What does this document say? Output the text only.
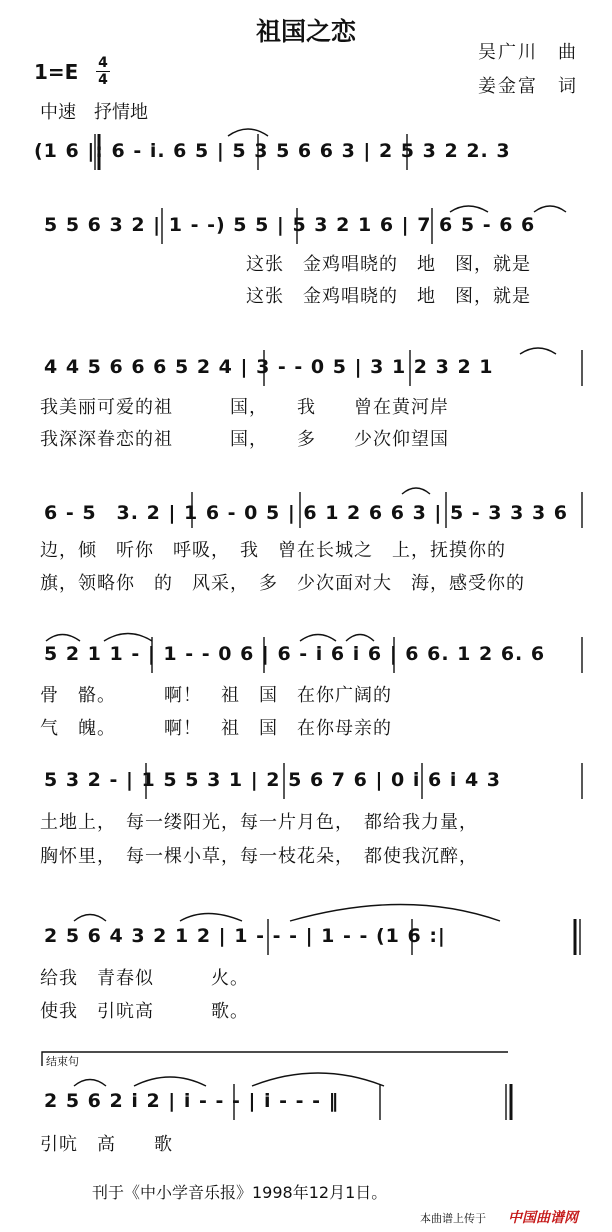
祖国之恋
吴广川　曲
姜金富　词
1=E 4
4
中速　抒情地
(1 6 |: 6 - i. 6 5 | 5 3 5 6 6 3 | 2 5 3 2 2. 3
5 5 6 3 2 | 1 - -) 5 5 | 5 3 2 1 6 | 7 6 5 - 6 6
这张　金鸡唱晓的　地　图，就是
这张　金鸡唱晓的　地　图，就是
4 4 5 6 6 6 5 2 4 | 3 - - 0 5 | 3 1 2 3 2 1
我美丽可爱的祖　　　国，　　我　　曾在黄河岸
我深深眷恋的祖　　　国，　　多　　少次仰望国
6 - 5　3. 2 | 1 6 - 0 5 | 6 1 2 6 6 3 | 5 - 3 3 3 6
边，倾　听你　呼吸，　我　曾在长城之　上，抚摸你的
旗，领略你　的　风采，　多　少次面对大　海，感受你的
5 2 1 1 - | 1 - - 0 6 | 6 - i 6 i 6 | 6 6. 1 2 6. 6
骨　骼。　　　啊！　祖　国　在你广阔的
气　魄。　　　啊！　祖　国　在你母亲的
5 3 2 - | 1 5 5 3 1 | 2 5 6 7 6 | 0 i 6 i 4 3
土地上，　每一缕阳光，每一片月色，　都给我力量，
胸怀里，　每一棵小草，每一枝花朵，　都使我沉醉，
2 5 6 4 3 2 1 2 | 1 - - - | 1 - - (1 6 :|
给我　青春似　　　火。
使我　引吭高　　　歌。
结束句
2 5 6 2 i 2 | i - - - | i - - - ‖
引吭　高　　歌
刊于《中小学音乐报》1998年12月1日。
本曲谱上传于 中国曲谱网
